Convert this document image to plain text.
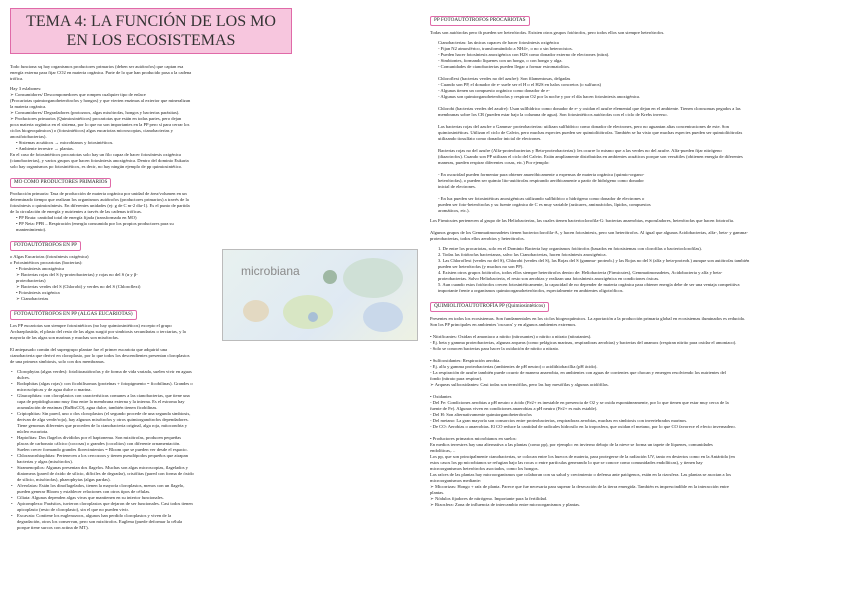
TEMA 4: LA FUNCIÓN DE LOS MO
EN LOS ECOSISTEMAS
Todo funciona xq hay organismos productores primarios (deben ser autótrofos) que captan esa
energía externa para fijar CO2 en materia orgánica. Parte de lo que han producido pasa a la cadena
trófica.
Hay 3 eslabones:
➢ Consumidores/ Descomponedores que rompen cualquier tipo de enlace
(Procariotas quimiorganoheterótrofos y hongos) y que vierten enzimas al exterior que mineralizan
la materia orgánica.
➢ Consumidores/ Degradadores (protozoos, algas mixótrofas, hongos y bacterias parásitas).
➢ Productores primarios (Quimiosintéticos) procariotas que están en todas partes, pero dejan
poca materia orgánica en el sistema, por lo que no son importantes en la PP pero sí para cerrar los
ciclos biogeoquímicos) o (fotosintéticos) algas eucariotas microscopias, cianobacterias y
anoxifotobacterias).
• Sistemas acuáticos → microbianos y fotosintéticos.
• Ambiente terrestre → plantas.
En el caso de fotosintéticos procariotas solo hay un filo capaz de hacer fotosíntesis oxigénica
(cianobacterias), y varios grupos que hacen fotosíntesis anoxigénica. Dentro del dominio Eukaria
solo hay organismos po fotosintéticos, es decir, no hay ningún ejemplo de pp quimiosintético.
MO COMO PRODUCTORES PRIMARIOS
Producción primaria: Tasa de producción de materia orgánica por unidad de área/volumen en un
determinado tiempo que realizan los organismos autótrofos (productores primarios) a través de la
fotosíntesis o quimiosíntesis. En diferentes unidades (ej: g de C m-2 día-1). Es el punto de partida
de la circulación de energía y nutrientes a través de las cadenas tróficas.
• PP Bruta: cantidad total de energía fijada (transformada en MO)
• PP Neta: PPB – Respiración (energía consumida por los propios productores para su
mantenimiento).
FOTOAUTÓTROFOS EN PP
o Algas Eucariotas (fotosíntesis oxigénica)
o Fotosintéticos procariotas (bacterias):
• Fotosíntesis anoxigénica
➢ Bacterias rojas del S (γ-proteobacterias) y rojas no del S (α y β-
proteobacterias)
➢ Bacterias verdes del S (Chlorobi) y verdes no del S (Chloroflexi)
• Fotosíntesis oxigénica
➢ Cianobacterias
FOTOAUTÓTROFOS EN PP (ALGAS EUCARIOTAS)
Los PP eucariotas son siempre fotosintéticos (no hay quimiosintéticos) excepto el grupo
Archaeplastida, el plasto del resto de las algas surgió por simbiosis secundarias o terciarias, y la
mayoría de las algas son marinas y muchas son mixótrofas.

El antepasado común del supergrupo plantae fue el primer eucariota que adquirió una
cianobacteria que derivó en cloroplasto, por lo que todos los descendientes presentan cloroplastos
de una primera simbiosis, solo con dos membranas.
• Clorophytas (algas verdes): fotolitoautótrofas y de forma de vida variada, suelen vivir en aguas
dulces.
• Rodophitas (algas rojas): con ficobilisomas (proteínas + fotopigmento = ficobilinas). Grandes o
microscópicas y de agua dulce o marina.
• Glaucophitas: con cloroplastos con características comunes a las cianobacterias, que tiene una
capa de peptidoglucano muy fina entre la membrana externa y la interna. Es el estroma hay
acumulación de enzimas (RuBisCO), agua dulce, también tienen ficobilinas.
• Criptophitas: Sin pared, uno o dos cloroplastos (el segundo procede de una segunda simbiosis,
derivan de alga verde/roja), hay algunos mixótrofos y otros quimiorganótrofos dependadores.
Tiene genomas diferentes que proceden de la cianobacteria original, alga roja, mitocondria y
núcleo eucariota.
• Haptofitas: Dos flagelos divididos por el haptonema. Son mixótrofas, producen pequeñas
placas de carbonato cálcico (cocosas) o grandes (cocolitos) con diferente ornamentación.
Suelen crecer formando grandes florecimientos = Bloom que se pueden ver desde el espacio.
• Chloraracnhiophitas: Pertenecen a los cercozoos y tienen pseudópodos pequeños que atrapan
bacterias y algas (mixótrofos).
• Stramenopilos: Algunas presentan dos flagelos. Muchas son algas microscopias, flagelados y
diatomeas (pared de óxido de silicio, difíciles de degradar), crisófitas (pared con forma de óxido
de silicio, mixótrofas), phaeophytas (algas pardas).
• Alveolatas: Están los dinoflagelados, tienen la mayoría cloroplastos, menos con un flagelo,
pueden generar Bloom y establecer relaciones con otros tipos de células.
• Ciliata: Algunas dependen algas vivas que mantienen en su interior funcionales.
• Apicomplexa: Parásitos, tuvieron cloroplastos que dejaron de ser funcionales. Casi todos tienen
apicoplasto (resto de cloroplasto), sin el que no pueden vivir.
• Excavata: Contiene los euglenozoos, algunos han perdido cloroplastos y viven de la
degradación, otros los conservan, pero son mixótrofos. Euglena (puede deformar la célula
porque tiene surcos con actina de MT).
microbiana
PP FOTOAUTÓTROFOS PROCARIOTAS
Todas son autótrofas pero tb pueden ser heterótrofas. Existen otros grupos fotótrofos, pero todos ellos son siempre heterótrofos.
Cianobacterias: las únicas capaces de hacer fotosíntesis oxigénica
- Fijan N2 atmosférico, transformándolo a NH4+, o no o sin heterocistos.
- Pueden hacer fotosíntesis anoxigénica con H2S como donador externo de electrones (nitra).
- Simbiontes, formando líquenes con un hongo, o con hongo y alga.
- Comunidades de cianobacterias pueden llegar a formar estromatolitos.

Chloroflexi (bacterias verdes no del azufre): Son filamentosas, delgadas
- Cuando son PP, el donador de e- suele ser el H o el H2S en halos concretos (o sulfuros)
- Algunas tienen un compuesto orgánico como donador de e-
- Algunas son quimiorganoheterótrofas y respiran O2 por la noche y por el día hacen fotosíntesis anoxigénica.

Chlorobi (bacterias verdes del azufre): Usan sulfhídrico como donador de e- y oxidan el azufre elemental que dejan en el ambiente. Tienen clorosomas pegados a las
membranas sobre los CR (pueden estar bajo la columna de agua). Son fotosintéticos autótrofas con el ciclo de Krebs inverso.

Las bacterias rojas del azufre o Gamma- proteobacterias: utilizan sulfhídrico como donador de electrones, pero no aguantan altas concentraciones de este. Son
quimiosintéticas. Utilizan el ciclo de Calvin, pero muchas especies pueden ser quimiolitótrofas. También se ha visto que muchas especies pueden ser quimiolitótrofas
utilizando tiosulfato como donador inicial de electrones.

Bacterias rojas no del azufre (Alfa-proteobacterias y Beta-proteobacterias): les ocurre lo mismo que a las verdes no del azufre. Alfa-pueden fijar nitrógeno
(diazotrofos). Cuando son PP utilizan el ciclo del Calvin. Están ampliamente distribuidas en ambientes acuáticos porque son versátiles (obtienen energía de diferentes
maneras, pueden respirar diferentes cosas, etc.) Por ejemplo:

- En oscuridad pueden formentar para obtener anaeróbicamente a expensas de materia orgánica (quimio-organo-
heterótrofas), o pueden ser quimio lito-autótrofas respirando aeróbicamente a partir de hidrógeno como donador
inicial de electrones.

- En luz pueden ser fotosintéticas anoxigénicas utilizando sulfhídrico o hidrógeno como donador de electrones o
pueden ser foto-heterótrofas y su fuente orgánica de C es muy variable (azúcares, aminoácidos, lípidos, compuestos
aromáticos, etc.).
Los Firmicutes pertenecen al grupo de las Heliobacterias, las cuales tienen bacterioclorofila-G: bacterias anaerobias, esporuladores, heterótrofas que hacen fototrofia.

Algunos grupos de los Gemmatimonadetes tienen bacterioclorofila-A, y hacen fotosíntesis, pero son heterótrofos. Al igual que algunas Acidobacterias, alfa-, beta- y gamma-
proteobacterias, todos ellos aerobios y heterótrofos.
1. De entre los procariotas, solo en el Dominio Bacteria hay organismos fotótrofos (basados en fotosistemas con clorofilas o bacterioclorofilas).
2. Todas las fotótrofas bacterianas, salvo las Cianobacterias, hacen fotosíntesis anoxigénica.
3. Las Chloroflexi (verdes no del S), Chlorobi (verdes del S), las Rojas del S (gamma- proteob.) y las Rojas no del S (alfa y beta-proteob.) aunque son autótrofas también
pueden ser heterótrofas (y muchos no son PP).
4. Existen otros grupos fotótrofos, todos ellos siempre heterótrofos dentro de: Heliobacteria (Firmicutes), Gemmatimonadetes, Acidobacteria y alfa y beta-
proteobacterias. Salvo Heliobacteria, el resto son aerobias y realizan una fotosíntesis anoxigénica en condiciones óxicas.
5. Aun cuando estos fotótrofos crecen fotosintéticamente, la capacidad de no depender de materia orgánica para obtener energía debe de ser una ventaja competitiva
importante frente a organismos quimioorganoheterótrofos, especialmente en ambientes oligotróficos.
QUIMIOLITOAUTOTROFÍA PP (Quimiosintéticos)
Presentes en todos los ecosistemas. Son fundamentales en los ciclos biogeoquímicos. La aportación a la producción primaria global en ecosistemas iluminados es reducida.
Son los PP principales en ambientes 'oscuros' y en algunos ambientes extremos.

• Nitrificantes: Oxidan el amoniaco a nitrito (nitrosantes) o nitrito a nitrato (nitratantes).
- Ej. beta y gamma proteobacterias, algunas arqueas (como pelágicas marinas, respiradoras aerobias) y bacterias del anamox (respiran nitrito para oxidar el amoniaco).
- Solo se conocen bacterias para hacer la oxidación de nitrito a nitrato.

• Sulfooxidantes: Respiración aerobia.
- Ej. alfa y gamma proteobacterias (ambientes de pH neutro) o acidithiobacillia (pH ácido).
- La respiración de azufre también puede ocurrir de manera anaerobia, en ambientes con aguas de corrientes que chocan y emergen resolviendo los nutrientes del
fondo (nitrato para respirar).
➢ Arqueas sulfooxidantes: Casi todas son termófilas, pero las hay mesófilas y algunas acidófilas.

• Oxidantes
- Del Fe: Condiciones aerobias a pH neutro o ácido (Fe2+ es inestable en presencia de O2 y se oxida espontáneamente, por lo que tienen que estar muy cerca de la
fuente de Fe). Algunas viven en condiciones anaerobias a pH neutro (Fe2+ es más estable).
- Del H: Son alternativamente quimiorganoheterótrofos
- Del metano: La gran mayoría son consorcios entre proteobacterias, respiradoras aerobias, muchas en simbiosis con invertebrados marinos.
- De CO: Aerobias o anaerobias. El CO reduce la cantidad de radicales hidroxilo en la troposfera, que oxidan el metano, por lo que CO favorece el efecto invernadero.

• Productores primarios microbianos en suelos:
En medios terrestres hay una alternativa a las plantas (como pp), por ejemplo: en invierno debajo de la nieve se forma un tapete de líquenes, comunidades
endolíticas,…
Los pp, que son principalmente cianobacterias, se colocan entre los huecos de materia, para protegerse de la radiación UV, tanto en desiertos como en la Antártida (en
estos casos los pp microbianos se refugian bajo las rocas o entre partículas generando lo que se conoce como comunidades endolíticas), y tienen hay
microorganismos heterótrofos asociados, como los hongos.
Las raíces de las plantas hay microorganismos que colaboran con su salud y crecimiento o defensa ante patógenos, están en la rizosfera. Las plantas se asocian a los
microorganismos mediante:
➢ Micorrizas: Hongo + raíz de planta. Parece que fue necesaria para superar la desecación de la tierra emergida. También es imprescindible en la interacción entre
plantas.
➢ Nódulos fijadores de nitrógeno. Importante para la fertilidad.
➢ Rizosfera: Zona de influencia de intercambio entre microorganismos y plantas.
